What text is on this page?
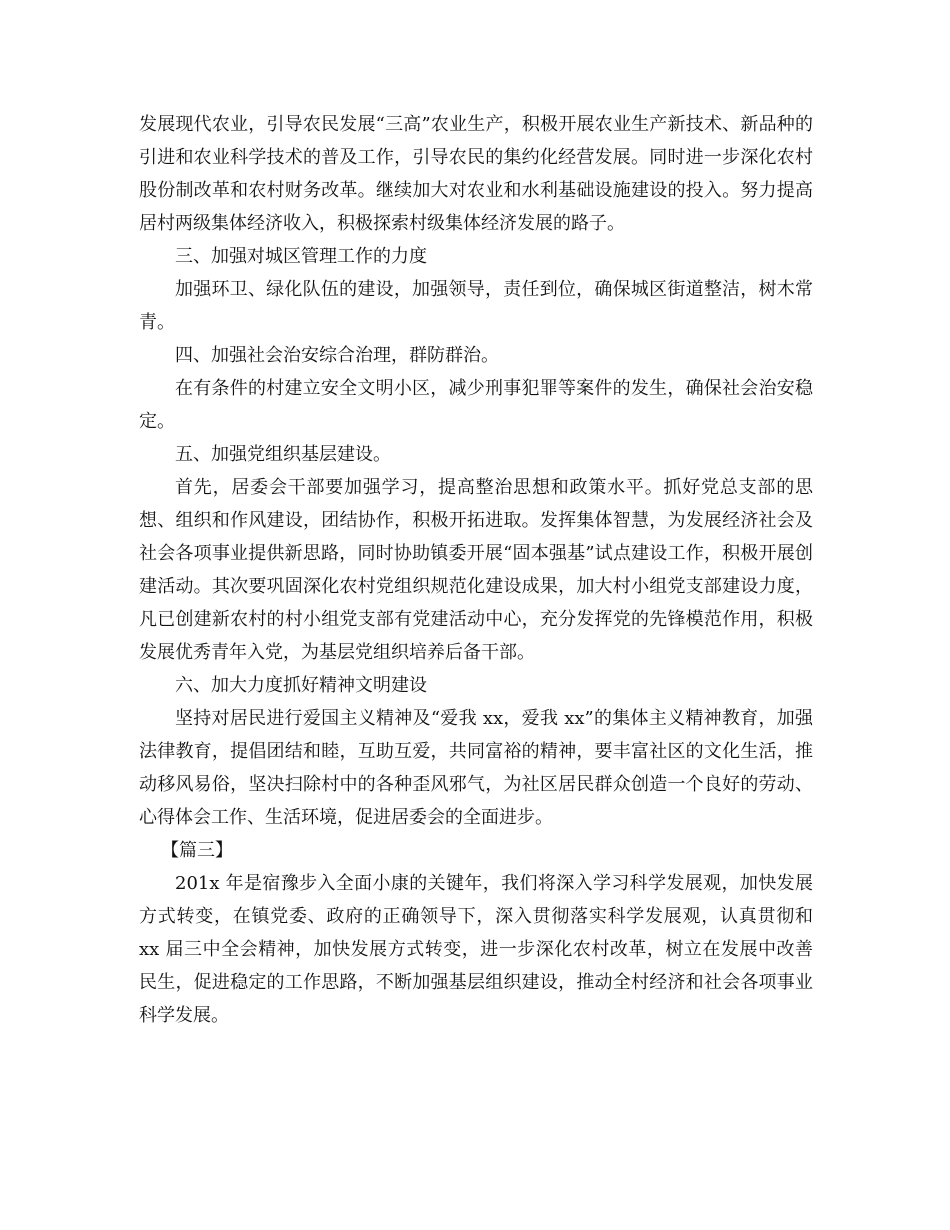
发展现代农业，引导农民发展“三高”农业生产，积极开展农业生产新技术、新品种的引进和农业科学技术的普及工作，引导农民的集约化经营发展。同时进一步深化农村股份制改革和农村财务改革。继续加大对农业和水利基础设施建设的投入。努力提高居村两级集体经济收入，积极探索村级集体经济发展的路子。

三、加强对城区管理工作的力度

加强环卫、绿化队伍的建设，加强领导，责任到位，确保城区街道整洁，树木常青。

四、加强社会治安综合治理，群防群治。

在有条件的村建立安全文明小区，减少刑事犯罪等案件的发生，确保社会治安稳定。

五、加强党组织基层建设。

首先，居委会干部要加强学习，提高整治思想和政策水平。抓好党总支部的思想、组织和作风建设，团结协作，积极开拓进取。发挥集体智慧，为发展经济社会及社会各项事业提供新思路，同时协助镇委开展“固本强基”试点建设工作，积极开展创建活动。其次要巩固深化农村党组织规范化建设成果，加大村小组党支部建设力度，凡已创建新农村的村小组党支部有党建活动中心，充分发挥党的先锋模范作用，积极发展优秀青年入党，为基层党组织培养后备干部。

六、加大力度抓好精神文明建设

坚持对居民进行爱国主义精神及“爱我 xx，爱我 xx”的集体主义精神教育，加强法律教育，提倡团结和睦，互助互爱，共同富裕的精神，要丰富社区的文化生活，推动移风易俗，坚决扫除村中的各种歪风邪气，为社区居民群众创造一个良好的劳动、心得体会工作、生活环境，促进居委会的全面进步。

【篇三】

201x 年是宿豫步入全面小康的关键年，我们将深入学习科学发展观，加快发展方式转变，在镇党委、政府的正确领导下，深入贯彻落实科学发展观，认真贯彻和 xx 届三中全会精神，加快发展方式转变，进一步深化农村改革，树立在发展中改善民生，促进稳定的工作思路，不断加强基层组织建设，推动全村经济和社会各项事业科学发展。
